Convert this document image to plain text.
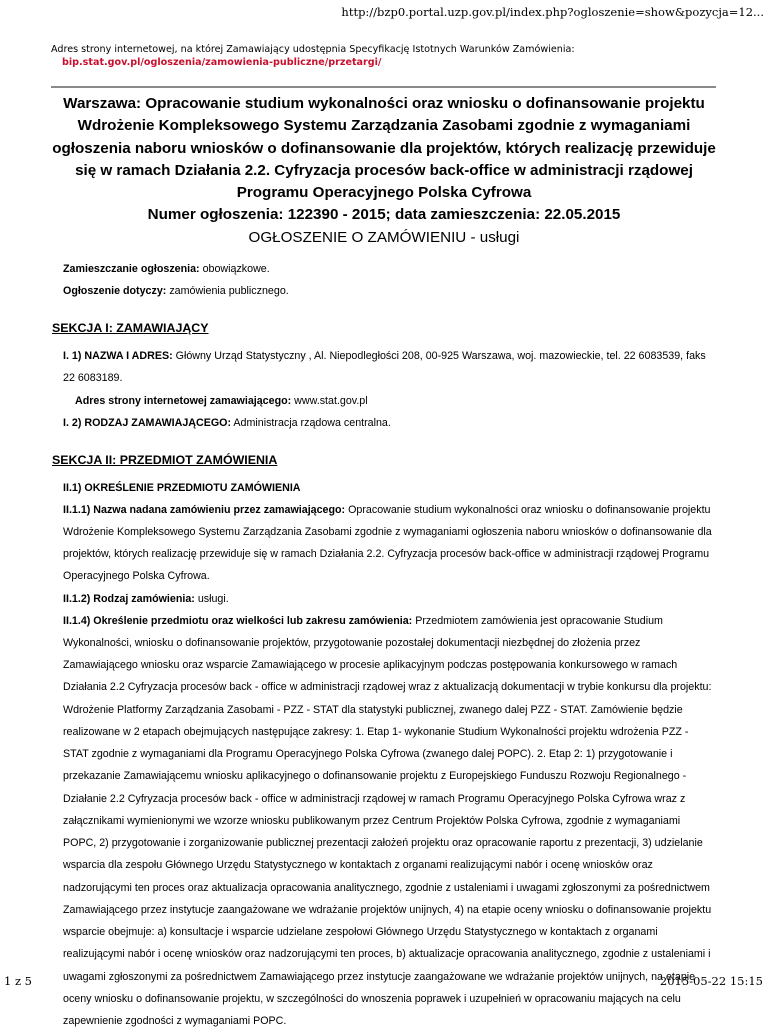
http://bzp0.portal.uzp.gov.pl/index.php?ogloszenie=show&pozycja=12...
Adres strony internetowej, na której Zamawiający udostępnia Specyfikację Istotnych Warunków Zamówienia:
bip.stat.gov.pl/ogloszenia/zamowienia-publiczne/przetargi/
Warszawa: Opracowanie studium wykonalności oraz wniosku o dofinansowanie projektu Wdrożenie Kompleksowego Systemu Zarządzania Zasobami zgodnie z wymaganiami ogłoszenia naboru wniosków o dofinansowanie dla projektów, których realizację przewiduje się w ramach Działania 2.2. Cyfryzacja procesów back-office w administracji rządowej Programu Operacyjnego Polska Cyfrowa
Numer ogłoszenia: 122390 - 2015; data zamieszczenia: 22.05.2015
OGŁOSZENIE O ZAMÓWIENIU - usługi

Zamieszczanie ogłoszenia: obowiązkowe.

Ogłoszenie dotyczy: zamówienia publicznego.

SEKCJA I: ZAMAWIAJĄCY

I. 1) NAZWA I ADRES: Główny Urząd Statystyczny , Al. Niepodległości 208, 00-925 Warszawa, woj. mazowieckie, tel. 22 6083539, faks 22 6083189.

Adres strony internetowej zamawiającego: www.stat.gov.pl

I. 2) RODZAJ ZAMAWIAJĄCEGO: Administracja rządowa centralna.

SEKCJA II: PRZEDMIOT ZAMÓWIENIA

II.1) OKREŚLENIE PRZEDMIOTU ZAMÓWIENIA

II.1.1) Nazwa nadana zamówieniu przez zamawiającego: Opracowanie studium wykonalności oraz wniosku o dofinansowanie projektu Wdrożenie Kompleksowego Systemu Zarządzania Zasobami zgodnie z wymaganiami ogłoszenia naboru wniosków o dofinansowanie dla projektów, których realizację przewiduje się w ramach Działania 2.2. Cyfryzacja procesów back-office w administracji rządowej Programu Operacyjnego Polska Cyfrowa.

II.1.2) Rodzaj zamówienia: usługi.

II.1.4) Określenie przedmiotu oraz wielkości lub zakresu zamówienia: Przedmiotem zamówienia jest opracowanie Studium Wykonalności, wniosku o dofinansowanie projektów, przygotowanie pozostałej dokumentacji niezbędnej do złożenia przez Zamawiającego wniosku oraz wsparcie Zamawiającego w procesie aplikacyjnym podczas postępowania konkursowego w ramach Działania 2.2 Cyfryzacja procesów back - office w administracji rządowej wraz z aktualizacją dokumentacji w trybie konkursu dla projektu: Wdrożenie Platformy Zarządzania Zasobami - PZZ - STAT dla statystyki publicznej, zwanego dalej PZZ - STAT. Zamówienie będzie realizowane w 2 etapach obejmujących następujące zakresy: 1. Etap 1- wykonanie Studium Wykonalności projektu wdrożenia PZZ - STAT zgodnie z wymaganiami dla Programu Operacyjnego Polska Cyfrowa (zwanego dalej POPC). 2. Etap 2: 1) przygotowanie i przekazanie Zamawiającemu wniosku aplikacyjnego o dofinansowanie projektu z Europejskiego Funduszu Rozwoju Regionalnego - Działanie 2.2 Cyfryzacja procesów back - office w administracji rządowej w ramach Programu Operacyjnego Polska Cyfrowa wraz z załącznikami wymienionymi we wzorze wniosku publikowanym przez Centrum Projektów Polska Cyfrowa, zgodnie z wymaganiami POPC, 2) przygotowanie i zorganizowanie publicznej prezentacji założeń projektu oraz opracowanie raportu z prezentacji, 3) udzielanie wsparcia dla zespołu Głównego Urzędu Statystycznego w kontaktach z organami realizującymi nabór i ocenę wniosków oraz nadzorującymi ten proces oraz aktualizacja opracowania analitycznego, zgodnie z ustaleniami i uwagami zgłoszonymi za pośrednictwem Zamawiającego przez instytucje zaangażowane we wdrażanie projektów unijnych, 4) na etapie oceny wniosku o dofinansowanie projektu wsparcie obejmuje: a) konsultacje i wsparcie udzielane zespołowi Głównego Urzędu Statystycznego w kontaktach z organami realizującymi nabór i ocenę wniosków oraz nadzorującymi ten proces, b) aktualizacje opracowania analitycznego, zgodnie z ustaleniami i uwagami zgłoszonymi za pośrednictwem Zamawiającego przez instytucje zaangażowane we wdrażanie projektów unijnych, na etapie oceny wniosku o dofinansowanie projektu, w szczególności do wnoszenia poprawek i uzupełnień w opracowaniu mających na celu zapewnienie zgodności z wymaganiami POPC.

1 z 5	2015-05-22 15:15
